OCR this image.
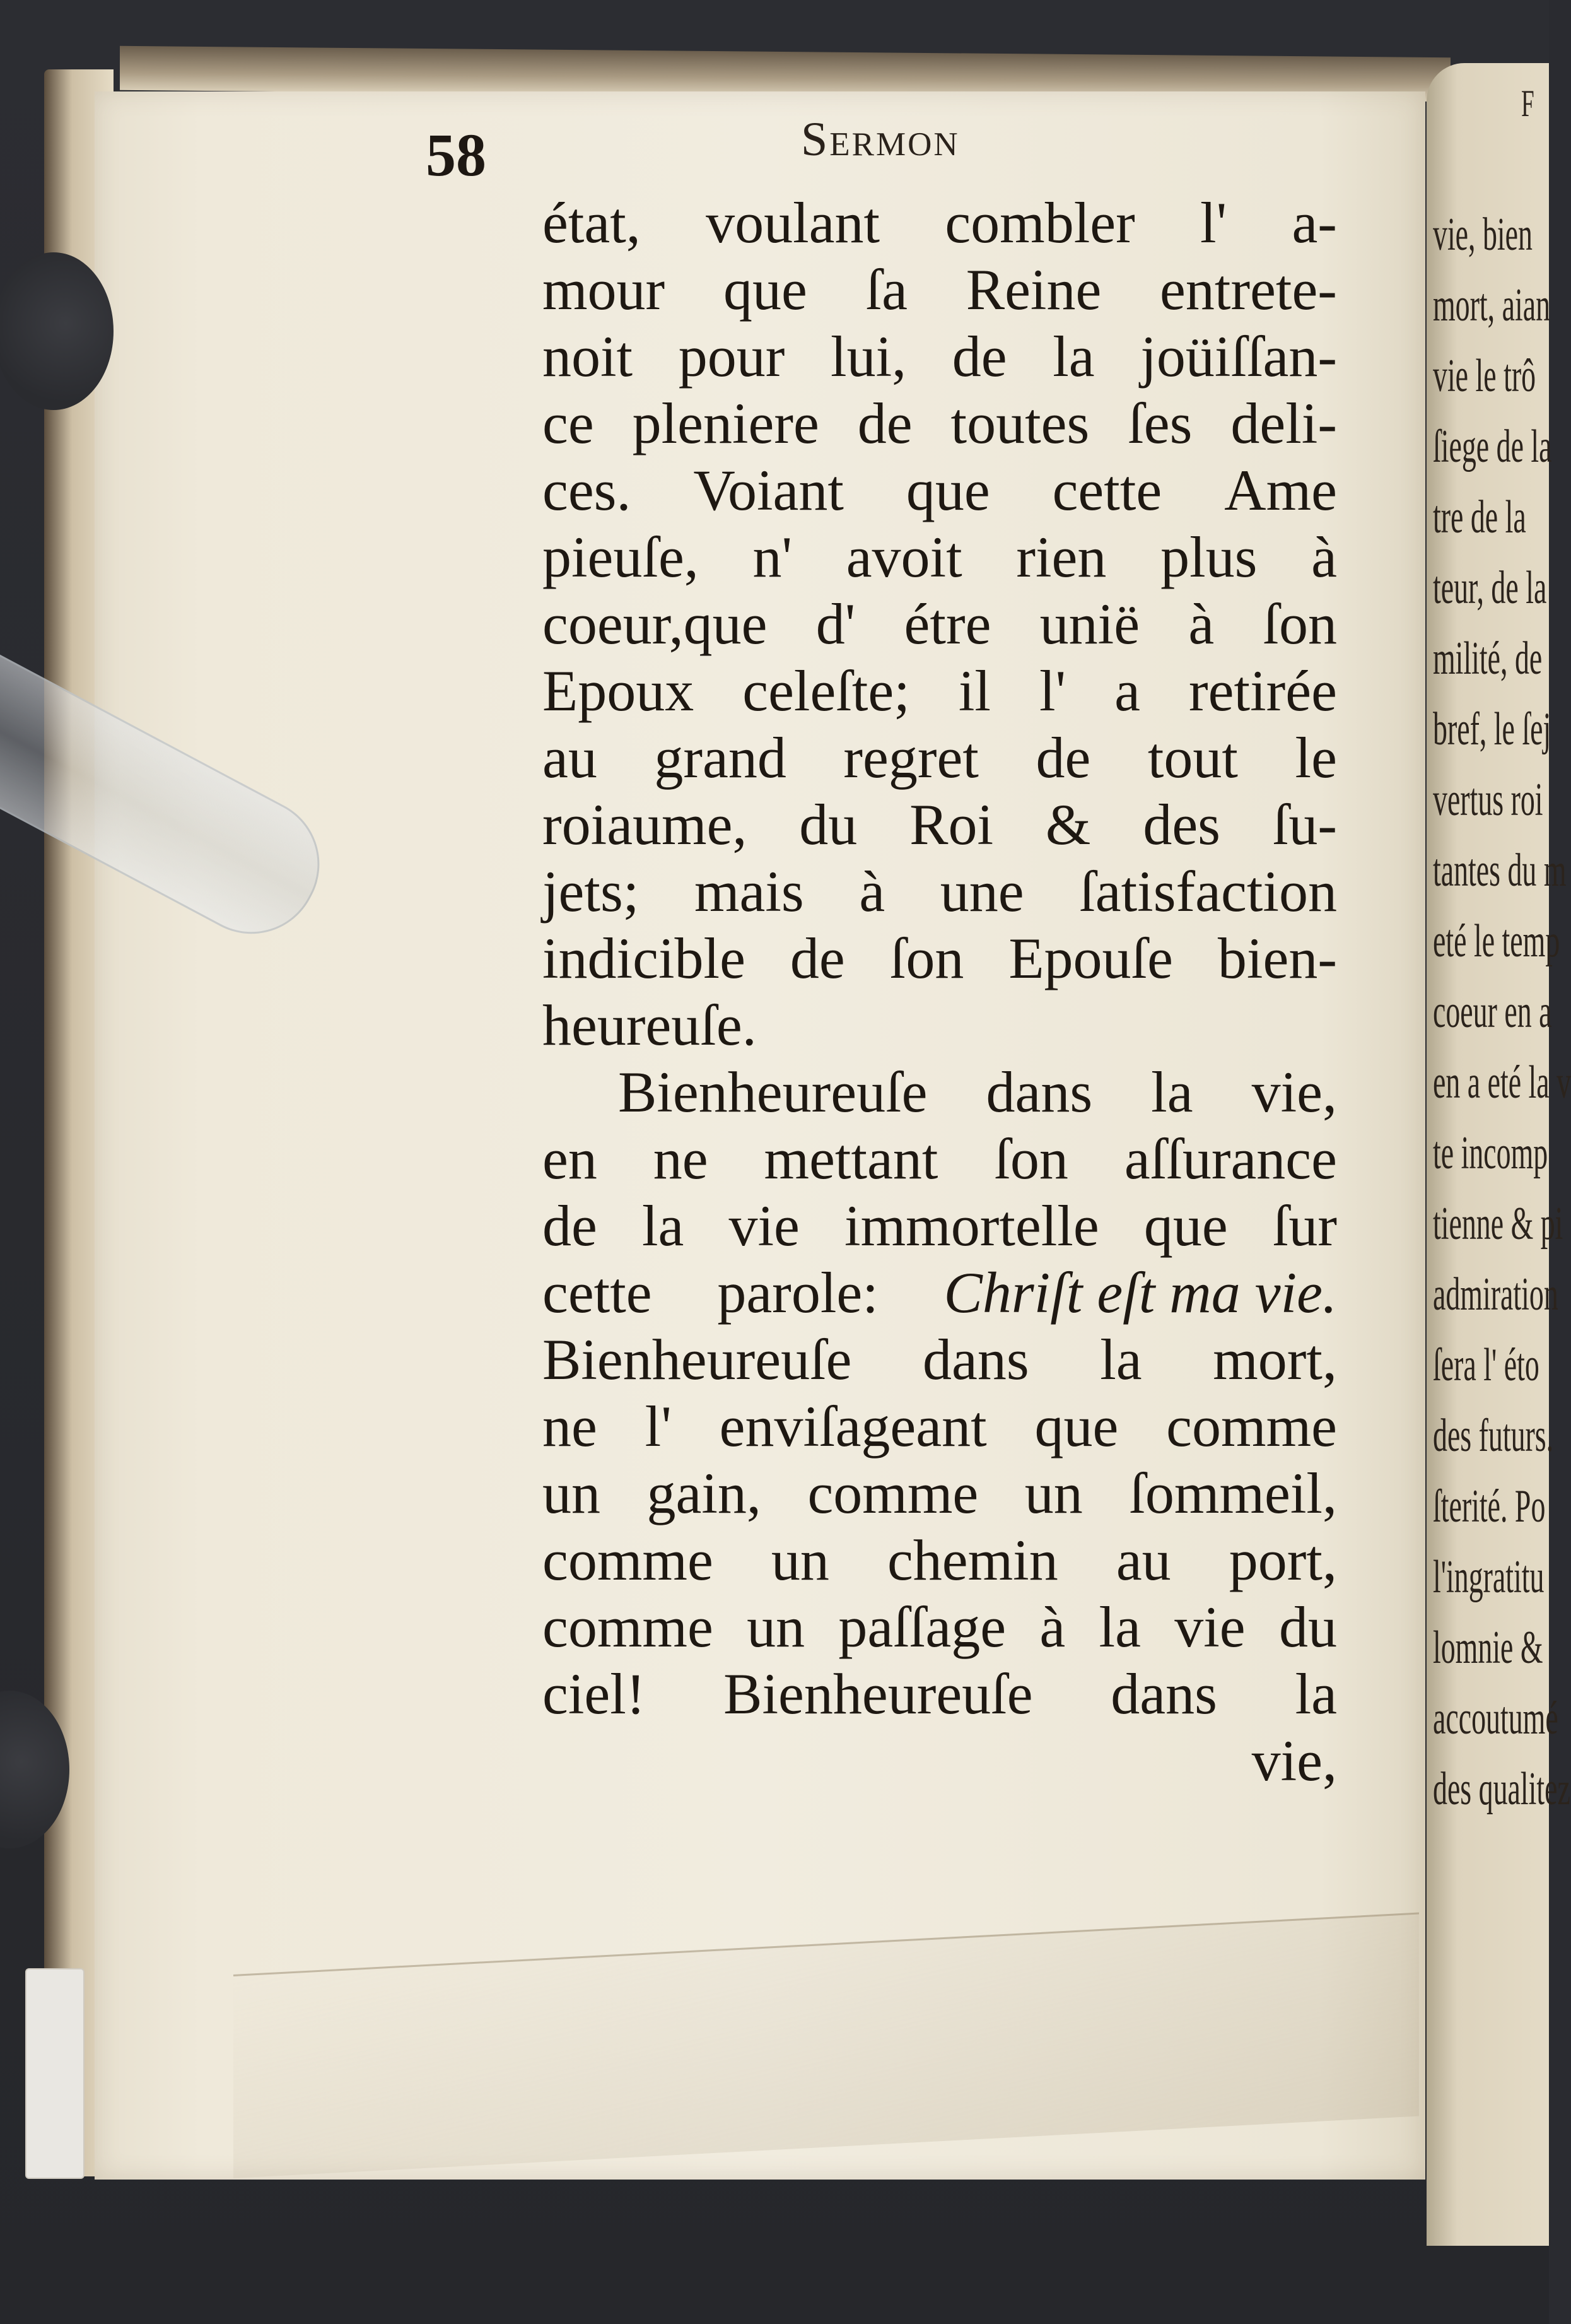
F
vie, bien
mort, aian
vie le trô
ſiege de la
tre de la
teur, de la
milité, de
bref, le ſej
vertus roi
tantes du m
eté le temp
coeur en a
en a eté la v
te incomp
tienne & pi
admiration
ſera l' éto
des futurs.
ſterité. Po
l'ingratitu
lomnie &
accoutumé
des qualitez
58	Sermon
état, voulant combler l' a-
mour que ſa Reine entrete-
noit pour lui, de la joüiſſan-
ce pleniere de toutes ſes deli-
ces. Voiant que cette Ame
pieuſe, n' avoit rien plus à
coeur,que d' étre unië à ſon
Epoux celeſte; il l' a retirée
au grand regret de tout le
roiaume, du Roi & des ſu-
jets; mais à une ſatisfaction
indicible de ſon Epouſe bien-
heureuſe.
Bienheureuſe dans la vie,
en ne mettant ſon aſſurance
de la vie immortelle que ſur
cette parole: Chriſt eſt ma vie.
Bienheureuſe dans la mort,
ne l' enviſageant que comme
un gain, comme un ſommeil,
comme un chemin au port,
comme un paſſage à la vie du
ciel! Bienheureuſe dans la
vie,
